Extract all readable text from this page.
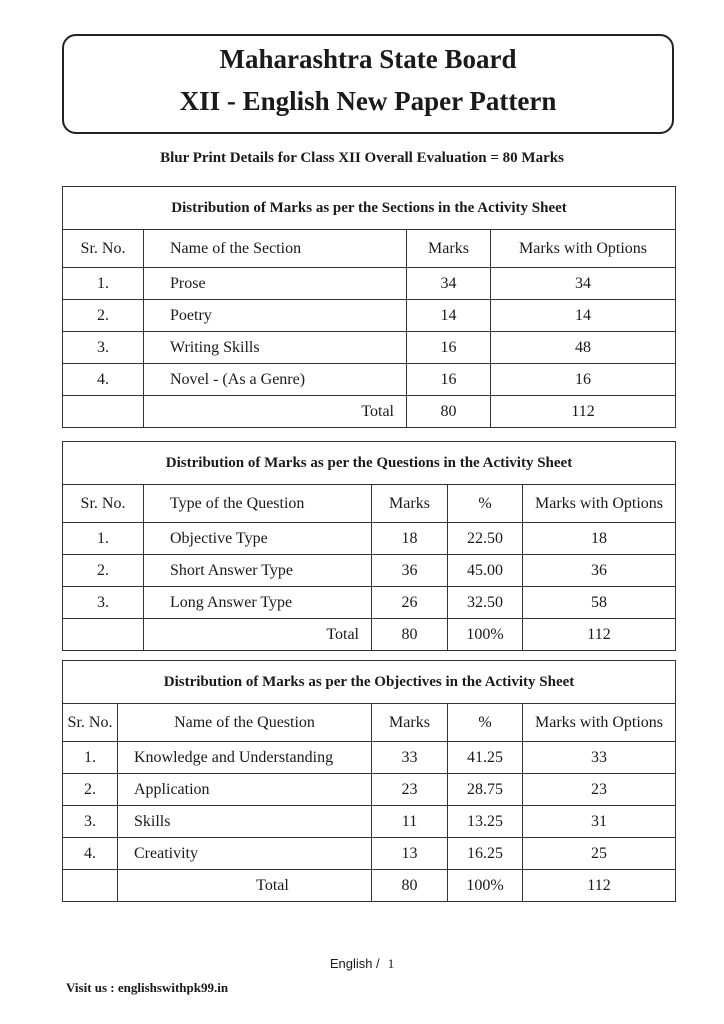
Maharashtra State Board
XII - English New Paper Pattern
Blur Print Details for Class XII Overall Evaluation = 80 Marks
Distribution of Marks as per the Sections in the Activity Sheet			
Sr. No.	Name of the Section	Marks	Marks with Options
1.	Prose	34	34
2.	Poetry	14	14
3.	Writing Skills	16	48
4.	Novel - (As a Genre)	16	16
	Total	80	112
Distribution of Marks as per the Questions in the Activity Sheet				
Sr. No.	Type of the Question	Marks	%	Marks with Options
1.	Objective Type	18	22.50	18
2.	Short Answer Type	36	45.00	36
3.	Long Answer Type	26	32.50	58
	Total	80	100%	112
Distribution of Marks as per the Objectives in the Activity Sheet				
Sr. No.	Name of the Question	Marks	%	Marks with Options
1.	Knowledge and Understanding	33	41.25	33
2.	Application	23	28.75	23
3.	Skills	11	13.25	31
4.	Creativity	13	16.25	25
	Total	80	100%	112
English / 1
Visit us : englishswithpk99.in
